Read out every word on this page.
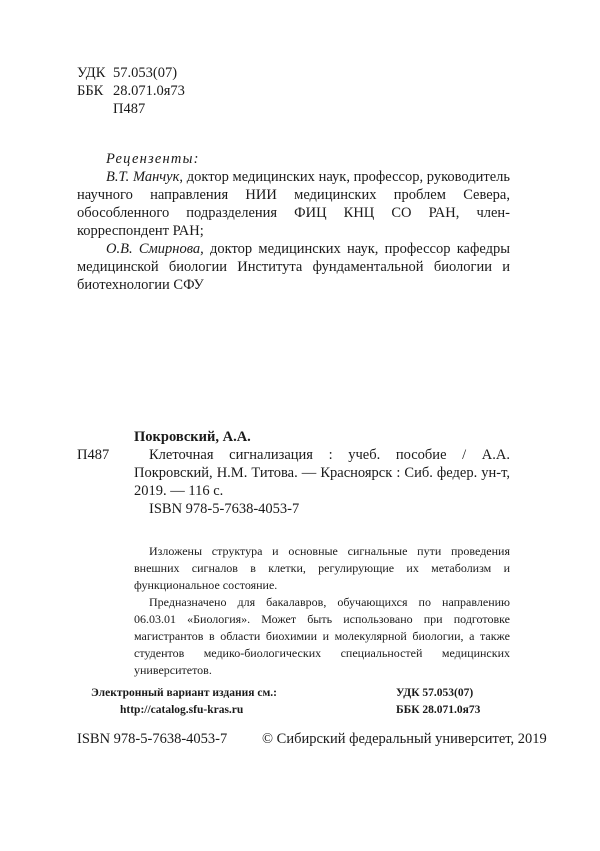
УДК 57.053(07)
ББК 28.071.0я73
П487

Рецензенты:

В.Т. Манчук, доктор медицинских наук, профессор, руководитель научного направления НИИ медицинских проблем Севера, обособленного подразделения ФИЦ КНЦ СО РАН, член-корреспондент РАН;

О.В. Смирнова, доктор медицинских наук, профессор кафедры медицинской биологии Института фундаментальной биологии и биотехнологии СФУ

Покровский, А.А.
П487	Клеточная сигнализация : учеб. пособие / А.А. Покровский, Н.М. Титова. — Красноярск : Сиб. федер. ун-т, 2019. — 116 с.
ISBN 978-5-7638-4053-7

Изложены структура и основные сигнальные пути проведения внешних сигналов в клетки, регулирующие их метаболизм и функциональное состояние.

Предназначено для бакалавров, обучающихся по направлению 06.03.01 «Биология». Может быть использовано при подготовке магистрантов в области биохимии и молекулярной биологии, а также студентов медико-биологических специальностей медицинских университетов.

Электронный вариант издания см.:
http://catalog.sfu-kras.ru
УДК 57.053(07)
ББК 28.071.0я73
ISBN 978-5-7638-4053-7 © Сибирский федеральный университет, 2019
